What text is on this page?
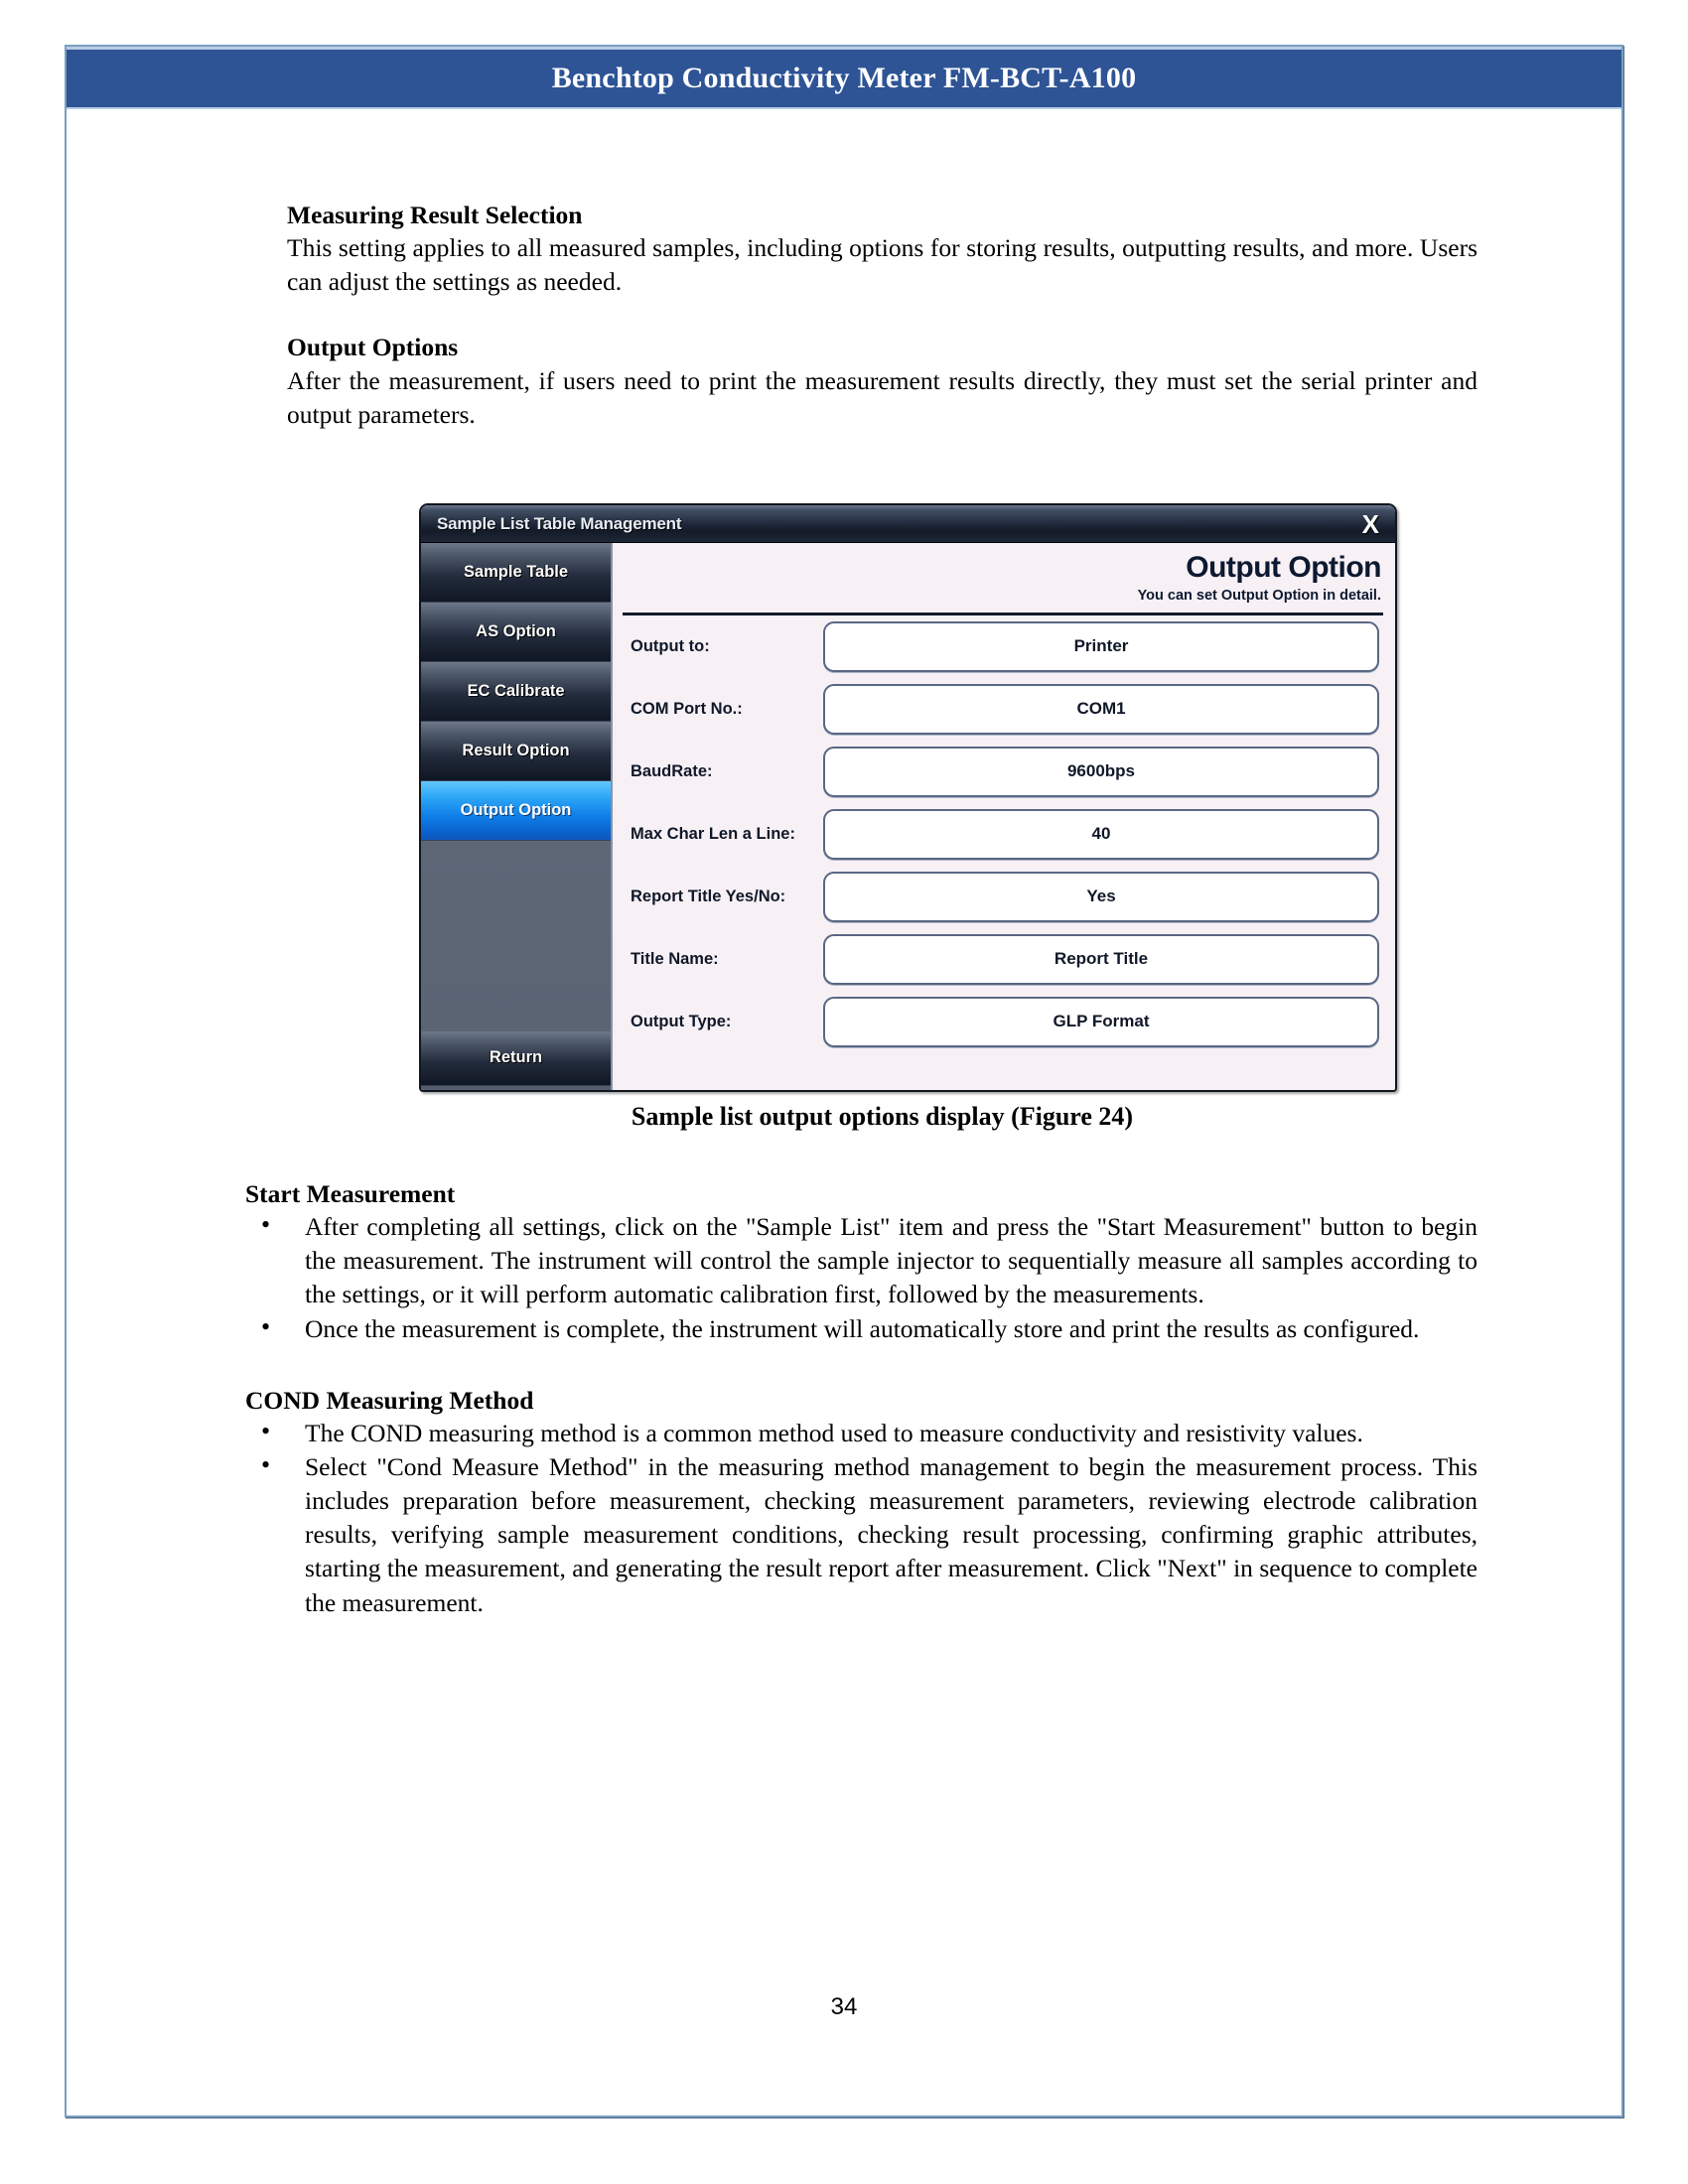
Benchtop Conductivity Meter FM-BCT-A100
Measuring Result Selection

This setting applies to all measured samples, including options for storing results, outputting results, and more. Users can adjust the settings as needed.

Output Options

After the measurement, if users need to print the measurement results directly, they must set the serial printer and output parameters.

Sample List Table Management	X
Sample Table
AS Option
EC Calibrate
Result Option
Output Option
Return
Output Option
You can set Output Option in detail.
Output to:	Printer
COM Port No.:	COM1
BaudRate:	9600bps
Max Char Len a Line:	40
Report Title Yes/No:	Yes
Title Name:	Report Title
Output Type:	GLP Format
Sample list output options display (Figure 24)
Start Measurement
• After completing all settings, click on the "Sample List" item and press the "Start Measurement" button to begin the measurement. The instrument will control the sample injector to sequentially measure all samples according to the settings, or it will perform automatic calibration first, followed by the measurements.
• Once the measurement is complete, the instrument will automatically store and print the results as configured.
COND Measuring Method
• The COND measuring method is a common method used to measure conductivity and resistivity values.
• Select "Cond Measure Method" in the measuring method management to begin the measurement process. This includes preparation before measurement, checking measurement parameters, reviewing electrode calibration results, verifying sample measurement conditions, checking result processing, confirming graphic attributes, starting the measurement, and generating the result report after measurement. Click "Next" in sequence to complete the measurement.
34
